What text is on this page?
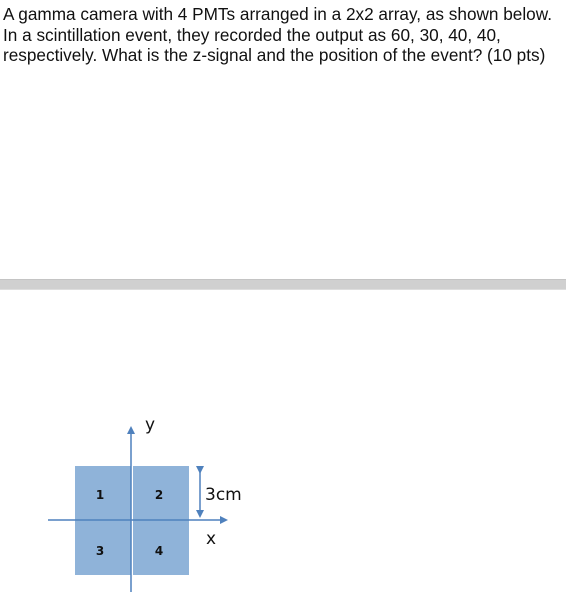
A gamma camera with 4 PMTs arranged in a 2x2 array, as shown below. In a scintillation event, they recorded the output as 60, 30, 40, 40, respectively. What is the z-signal and the position of the event? (10 pts)

1	2
3	4
y
x
3cm
